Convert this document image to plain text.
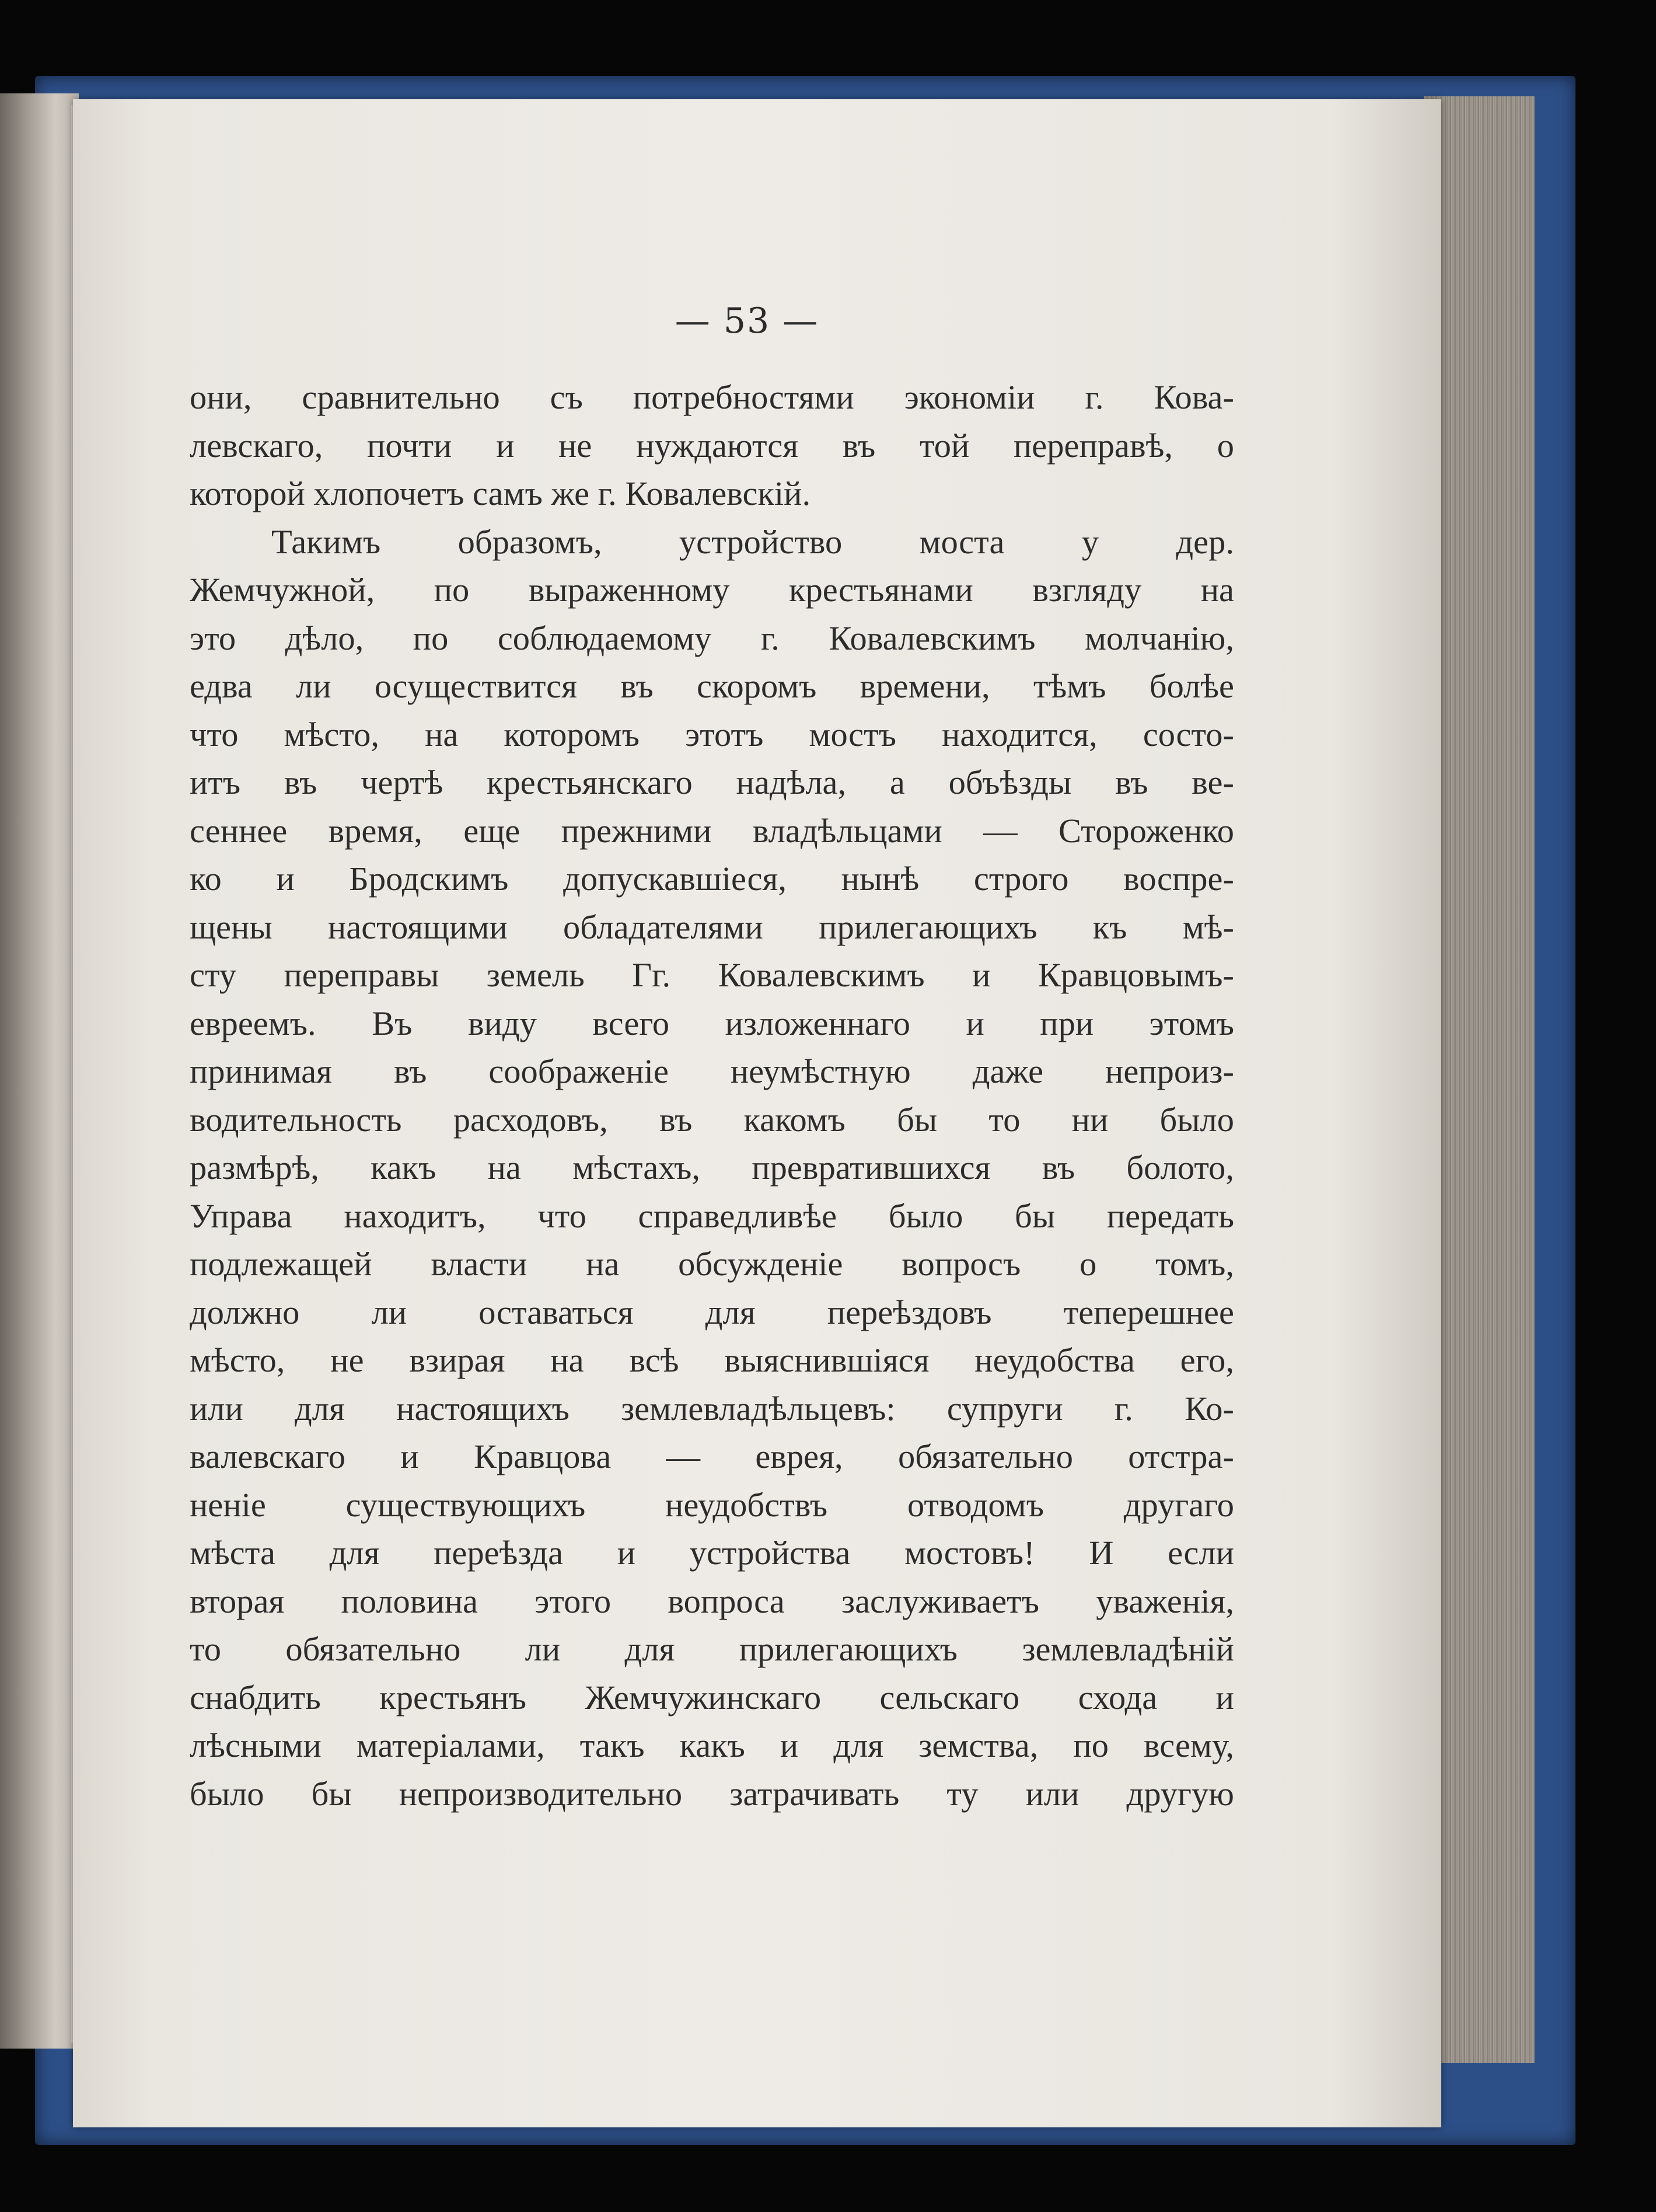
— 53 —
они, сравнительно съ потребностями экономіи г. Кова-
левскаго, почти и не нуждаются въ той переправѣ, о
которой хлопочетъ самъ же г. Ковалевскій.
Такимъ образомъ, устройство моста у дер.
Жемчужной, по выраженному крестьянами взгляду на
это дѣло, по соблюдаемому г. Ковалевскимъ молчанію,
едва ли осуществится въ скоромъ времени, тѣмъ болѣе
что мѣсто, на которомъ этотъ мостъ находится, состо-
итъ въ чертѣ крестьянскаго надѣла, а объѣзды въ ве-
сеннее время, еще прежними владѣльцами — Стороженко
ко и Бродскимъ допускавшіеся, нынѣ строго воспре-
щены настоящими обладателями прилегающихъ къ мѣ-
сту переправы земель Гг. Ковалевскимъ и Кравцовымъ-
евреемъ. Въ виду всего изложеннаго и при этомъ
принимая въ соображеніе неумѣстную даже непроиз-
водительность расходовъ, въ какомъ бы то ни было
размѣрѣ, какъ на мѣстахъ, превратившихся въ болото,
Управа находитъ, что справедливѣе было бы передать
подлежащей власти на обсужденіе вопросъ о томъ,
должно ли оставаться для переѣздовъ теперешнее
мѣсто, не взирая на всѣ выяснившіяся неудобства его,
или для настоящихъ землевладѣльцевъ: супруги г. Ко-
валевскаго и Кравцова — еврея, обязательно отстра-
неніе существующихъ неудобствъ отводомъ другаго
мѣста для переѣзда и устройства мостовъ! И если
вторая половина этого вопроса заслуживаетъ уваженія,
то обязательно ли для прилегающихъ землевладѣній
снабдить крестьянъ Жемчужинскаго сельскаго схода и
лѣсными матеріалами, такъ какъ и для земства, по всему,
было бы непроизводительно затрачивать ту или другую
